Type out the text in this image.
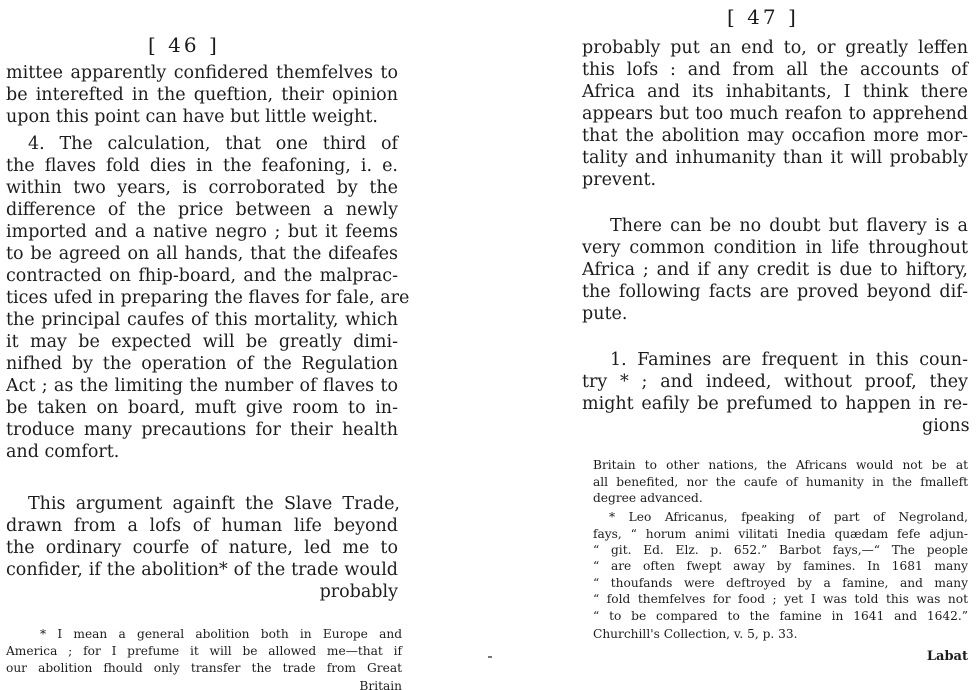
[ 46 ]
mittee apparently confidered themfelves to
be interefted in the queftion, their opinion
upon this point can have but little weight.
4. The calculation, that one third of
the flaves fold dies in the feafoning, i. e.
within two years, is corroborated by the
difference of the price between a newly
imported and a native negro ; but it feems
to be agreed on all hands, that the difeafes
contracted on fhip-board, and the malprac-
tices ufed in preparing the flaves for fale, are
the principal caufes of this mortality, which
it may be expected will be greatly dimi-
nifhed by the operation of the Regulation
Act ; as the limiting the number of flaves to
be taken on board, muft give room to in-
troduce many precautions for their health
and comfort.
This argument againft the Slave Trade,
drawn from a lofs of human life beyond
the ordinary courfe of nature, led me to
confider, if the abolition* of the trade would
probably
* I mean a general abolition both in Europe and
America ; for I prefume it will be allowed me—that if
our abolition fhould only transfer the trade from Great
Britain
[ 47 ]
probably put an end to, or greatly leffen
this lofs : and from all the accounts of
Africa and its inhabitants, I think there
appears but too much reafon to apprehend
that the abolition may occafion more mor-
tality and inhumanity than it will probably
prevent.
There can be no doubt but flavery is a
very common condition in life throughout
Africa ; and if any credit is due to hiftory,
the following facts are proved beyond dif-
pute.
1. Famines are frequent in this coun-
try * ; and indeed, without proof, they
might eafily be prefumed to happen in re-
gions
Britain to other nations, the Africans would not be at
all benefited, nor the caufe of humanity in the fmalleft
degree advanced.
* Leo Africanus, fpeaking of part of Negroland,
fays, “ horum animi vilitati Inedia quædam fefe adjun-
“ git. Ed. Elz. p. 652.” Barbot fays,—“ The people
“ are often fwept away by famines. In 1681 many
“ thoufands were deftroyed by a famine, and many
“ fold themfelves for food ; yet I was told this was not
“ to be compared to the famine in 1641 and 1642.”
Churchill's Collection, v. 5, p. 33.
Labat
